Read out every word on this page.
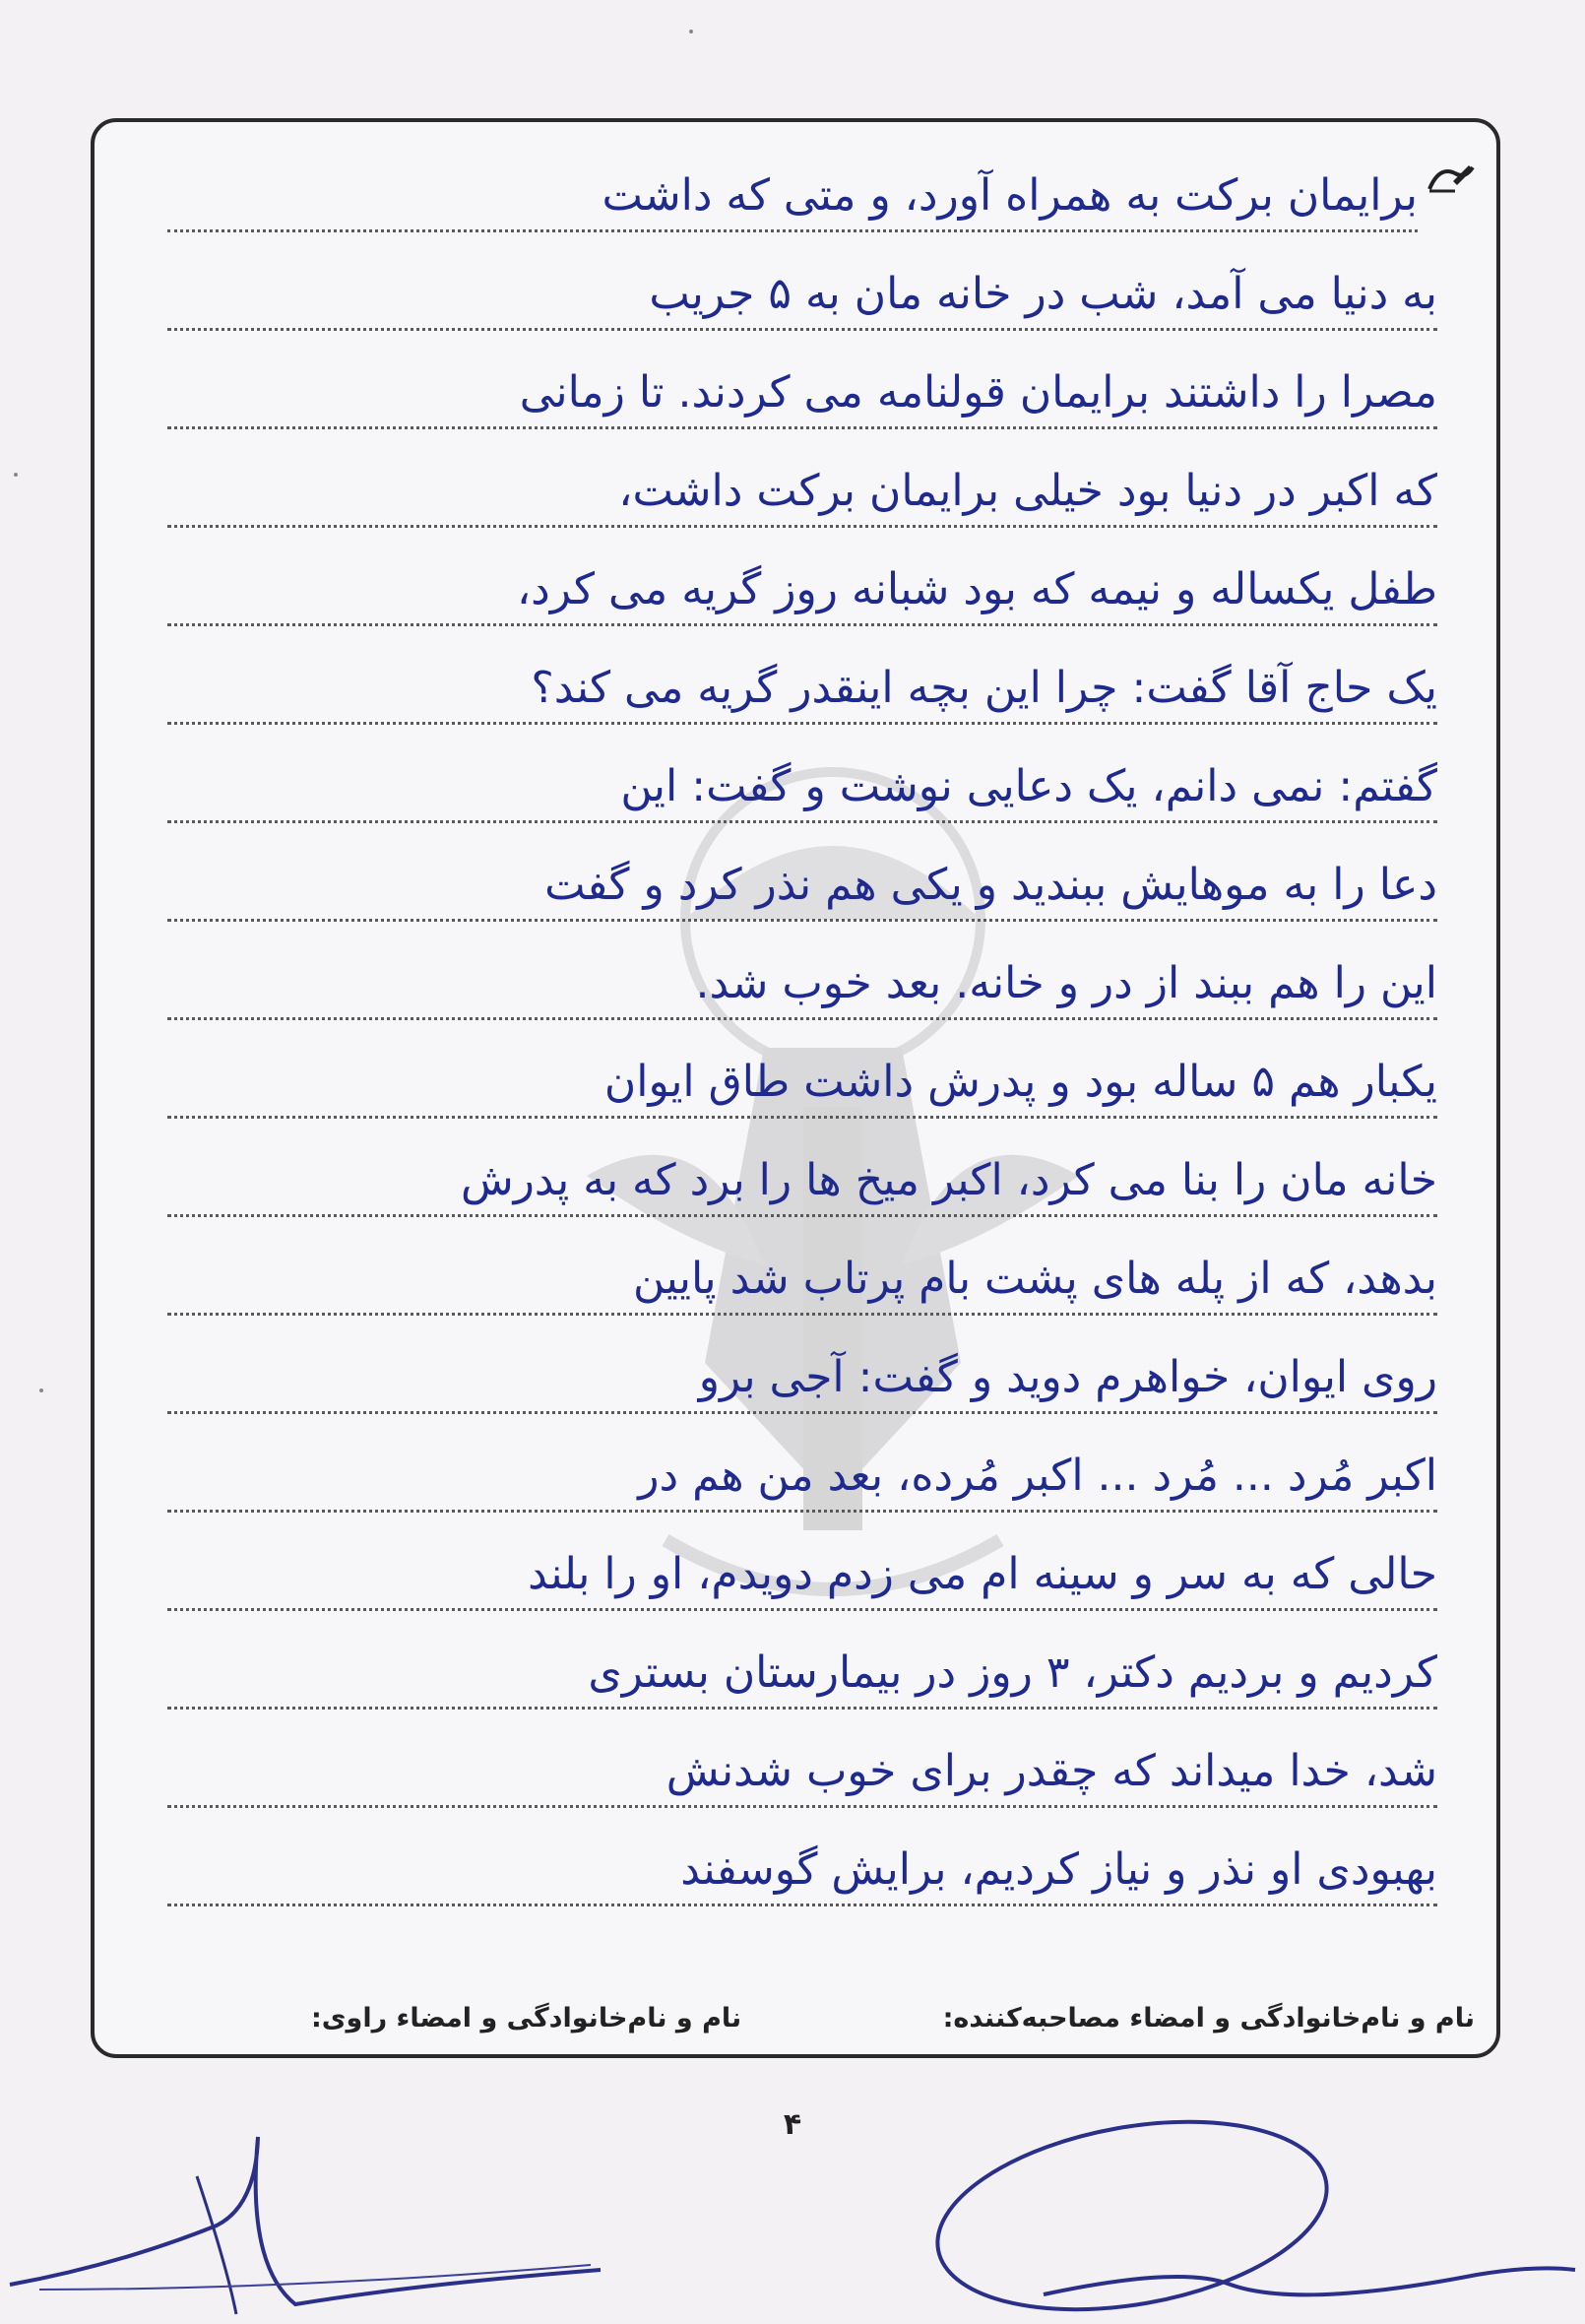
برایمان برکت به همراه آورد، و متی که داشت
به دنیا می آمد، شب در خانه مان به ۵ جریب
مصرا را داشتند برایمان قولنامه می کردند. تا زمانی
که اکبر در دنیا بود خیلی برایمان برکت داشت،
طفل یکساله و نیمه که بود شبانه روز گریه می کرد،
یک حاج آقا گفت: چرا این بچه اینقدر گریه می کند؟
گفتم: نمی دانم، یک دعایی نوشت و گفت: این
دعا را به موهایش ببندید و یکی هم نذر کرد و گفت
این را هم ببند از در و خانه. بعد خوب شد.
یکبار هم ۵ ساله بود و پدرش داشت طاق ایوان
خانه مان را بنا می کرد، اکبر میخ ها را برد که به پدرش
بدهد، که از پله های پشت بام پرتاب شد پایین
روی ایوان، خواهرم دوید و گفت: آجی برو
اکبر مُرد ... مُرد ... اکبر مُرده، بعد من هم در
حالی که به سر و سینه ام می زدم دویدم، او را بلند
کردیم و بردیم دکتر، ۳ روز در بیمارستان بستری
شد، خدا میداند که چقدر برای خوب شدنش
بهبودی او نذر و نیاز کردیم، برایش گوسفند
نام و نام‌خانوادگی و امضاء مصاحبه‌کننده:
نام و نام‌خانوادگی و امضاء راوی:
۴
